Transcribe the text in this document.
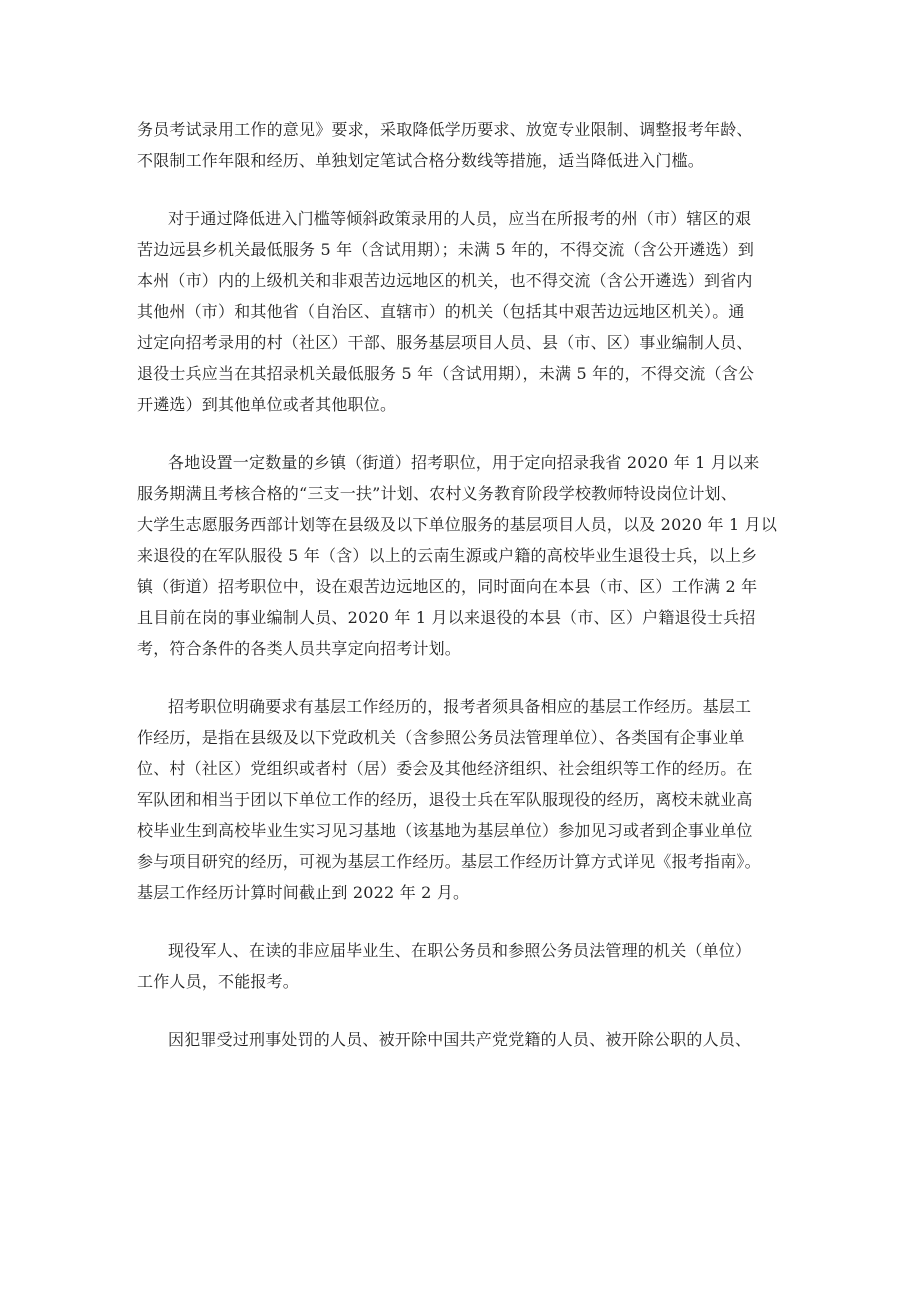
务员考试录用工作的意见》要求，采取降低学历要求、放宽专业限制、调整报考年龄、
不限制工作年限和经历、单独划定笔试合格分数线等措施，适当降低进入门槛。
对于通过降低进入门槛等倾斜政策录用的人员，应当在所报考的州（市）辖区的艰
苦边远县乡机关最低服务 5 年（含试用期）；未满 5 年的，不得交流（含公开遴选）到
本州（市）内的上级机关和非艰苦边远地区的机关，也不得交流（含公开遴选）到省内
其他州（市）和其他省（自治区、直辖市）的机关（包括其中艰苦边远地区机关）。通
过定向招考录用的村（社区）干部、服务基层项目人员、县（市、区）事业编制人员、
退役士兵应当在其招录机关最低服务 5 年（含试用期），未满 5 年的，不得交流（含公
开遴选）到其他单位或者其他职位。
各地设置一定数量的乡镇（街道）招考职位，用于定向招录我省 2020 年 1 月以来
服务期满且考核合格的“三支一扶”计划、农村义务教育阶段学校教师特设岗位计划、
大学生志愿服务西部计划等在县级及以下单位服务的基层项目人员，以及 2020 年 1 月以
来退役的在军队服役 5 年（含）以上的云南生源或户籍的高校毕业生退役士兵，以上乡
镇（街道）招考职位中，设在艰苦边远地区的，同时面向在本县（市、区）工作满 2 年
且目前在岗的事业编制人员、2020 年 1 月以来退役的本县（市、区）户籍退役士兵招
考，符合条件的各类人员共享定向招考计划。
招考职位明确要求有基层工作经历的，报考者须具备相应的基层工作经历。基层工
作经历，是指在县级及以下党政机关（含参照公务员法管理单位）、各类国有企事业单
位、村（社区）党组织或者村（居）委会及其他经济组织、社会组织等工作的经历。在
军队团和相当于团以下单位工作的经历，退役士兵在军队服现役的经历，离校未就业高
校毕业生到高校毕业生实习见习基地（该基地为基层单位）参加见习或者到企事业单位
参与项目研究的经历，可视为基层工作经历。基层工作经历计算方式详见《报考指南》。
基层工作经历计算时间截止到 2022 年 2 月。
现役军人、在读的非应届毕业生、在职公务员和参照公务员法管理的机关（单位）
工作人员，不能报考。
因犯罪受过刑事处罚的人员、被开除中国共产党党籍的人员、被开除公职的人员、
